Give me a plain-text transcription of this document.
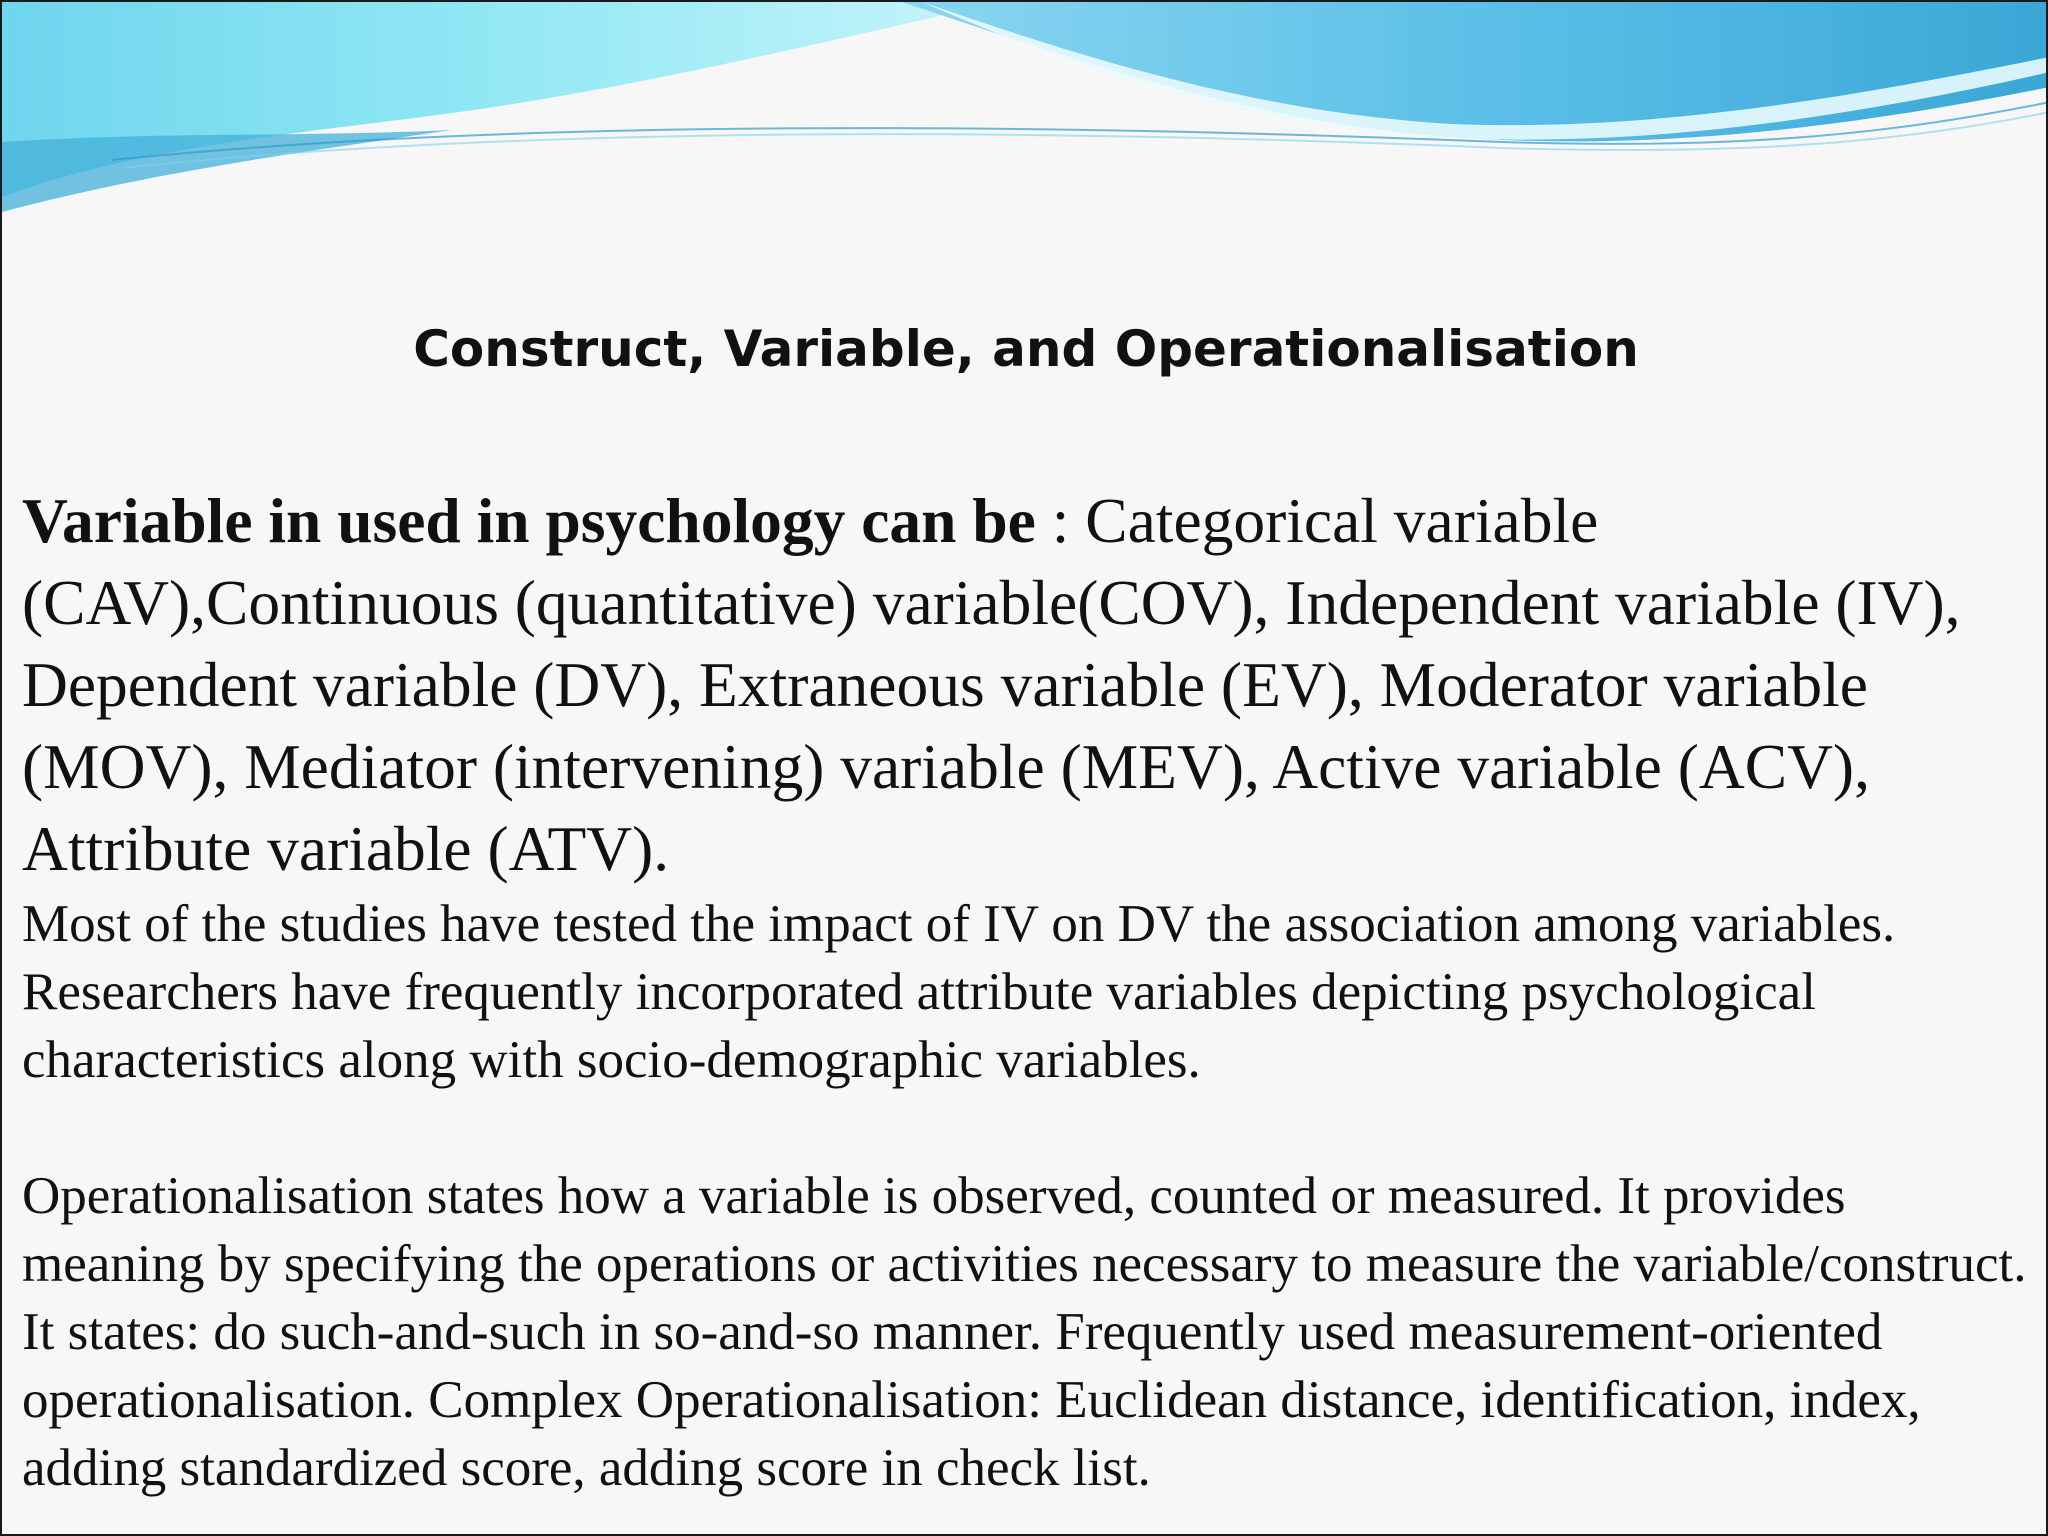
Construct, Variable, and Operationalisation

Variable in used in psychology can be : Categorical variable (CAV),Continuous (quantitative) variable(COV), Independent variable (IV), Dependent variable (DV), Extraneous variable (EV), Moderator variable (MOV), Mediator (intervening) variable (MEV), Active variable (ACV), Attribute variable (ATV).

Most of the studies have tested the impact of IV on DV the association among variables. Researchers have frequently incorporated attribute variables depicting psychological characteristics along with socio-demographic variables.

Operationalisation states how a variable is observed, counted or measured. It provides meaning by specifying the operations or activities necessary to measure the variable/construct. It states: do such-and-such in so-and-so manner. Frequently used measurement-oriented operationalisation. Complex Operationalisation: Euclidean distance, identification, index, adding standardized score, adding score in check list.
